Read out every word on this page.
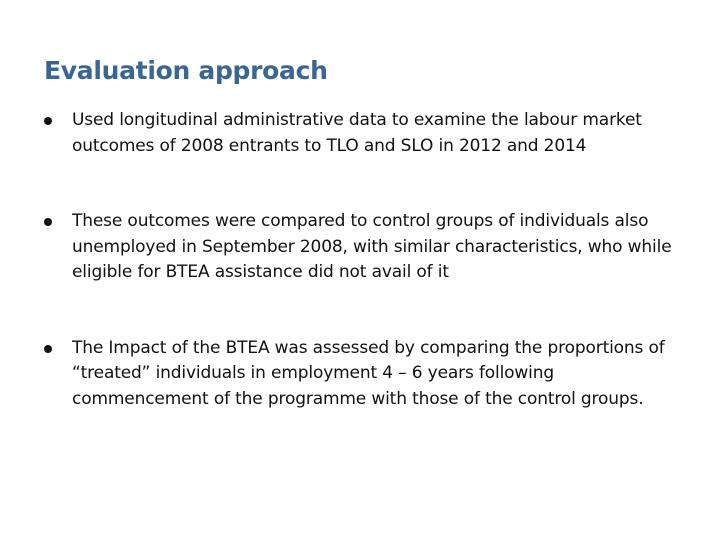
Evaluation approach
Used longitudinal administrative data to examine the labour market outcomes of 2008 entrants to TLO and SLO in 2012 and 2014
These outcomes were compared to control groups of individuals also unemployed in September 2008, with similar characteristics, who while eligible for BTEA assistance did not avail of it
The Impact of the BTEA was assessed by comparing the proportions of “treated” individuals in employment 4 – 6 years following commencement of the programme with those of the control groups.
